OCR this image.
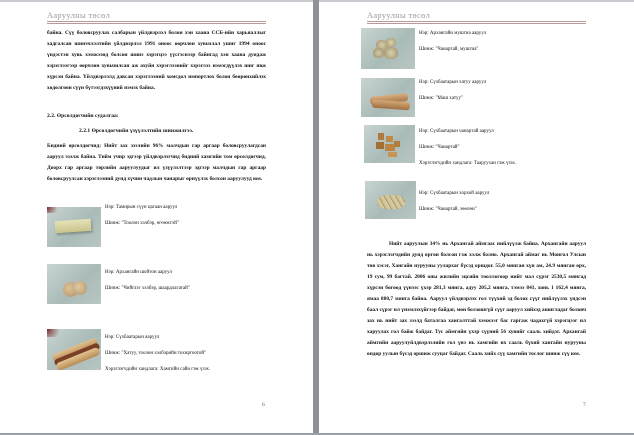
Ааруулны төсөл
байна. Сүү боловсруулах салбарын үйлдвэрлэл болон хэн хаана ССБ-ийн харьяаллыг хадгалсан шинэчлэлтийн үйлдвэрлэл 1991 оноос өөрчлөн хувьчлал ушиг 1994 оноос үндэстэн хувь хэмжээнд болсон шинэ хэрэгцээ үүсгэснээр байнгад хэн хаана дундаж хэрэглээгээр өөрчлөн хувьчилсан аж ахуйн хэрэглээнийг хэрэглээ нэмэгдүүлэх шиг явж хүрсэн байна. Үйлдвэрлэлд давсан хэрэглээний хомсдол импортлох болон бөөрөнхийлэх хөдөлгөөн сүүн бүтээгдэхүүний нэмэх байна.
2.2. Өрсөлдөгчийн судалгаа:
2.2.1 Өрсөлдөгчийн үзүүлэлтийн шинжилгээ.
Бидний өрсөлдөгчид: Нийт зах зээлийн 96% малчдын гар аргаар боловсруулагдсан ааруул эзэлж байна. Тийм учир эдгээр үйлдвэрлэгчид бидний хамгийн том өрсөлдөгчид. Доорх гар аргаар төрлийн ааруулуудыг ил үзүүлэлтээр эдгээр малчдын гар аргаар боловсруулсан хэрэглээний дунд хүчин чадлын чанарыг өрнүүлэх болсон ааруулууд юм.
Нэр: Тамирын сүүн цагаан ааруул
Шинж: "Тоолон хэлбэр, өгөөжтэй"
Нэр: Архангайн шойтон ааруул
Шинж: "Чийглэг хэлбэр, шаардлагатай"
Нэр: Сүхбаатарын ааруул
Шинж: "Хатуу, тоолон хэлбэрийн тохиргоотой"
Хэрэглэгчдийн хандлага: Хамгийн сайн гэж үзэх.
6
Ааруулны төсөл
Нэр: Архангайн мушгиа ааруул
Шинж: "Чанартай, мушгиа"
Нэр: Сүхбаатарын хатуу ааруул
Шинж: "Маш хатуу"
Нэр: Сүхбаатарын чанартай ааруул
Шинж: "Чанартай"
Хэрэглэгчдийн хандлага: Тааруухан гэж үзэх.
Нэр: Сүхбаатарын хорхой ааруул
Шинж: "Чанартай, зөөлөн"
Нийт ааруулын 34% нь Архангай аймгаас нийлүүлж байна. Архангайн ааруул нь хэрэглэгчдийн дунд өргөн болсон гэж хэлж болно. Архангай аймаг нь Монгол Улсын төв хэсэг, Хангайн нурууны уулархаг бүсэд оршдог. 55,0 мянган хүн ам, 24.9 мянган өрх, 19 сум, 99 багтай. 2006 оны жилийн эцсийн тооллогоор нийт мал сүрэг 2530,5 мянгад хүрсэн бөгөөд үүнээс үхэр 281,3 мянга, адуу 205,2 мянга, тэмээ 841, хонь 1 162,4 мянга, ямаа 880,7 мянга байна. Ааруул үйлдвэрлэх гол түүхий эд болох сүүг нийлүүлэх үндсэн баал сүрэг ил үнэмлэхүйгээр байдаг, мөн болзошгүй сүүг ааруул хийхэд ашигладаг боловч зах нь нийт зах зээлд баталгаа хангалттай хэмжээг бас гаргаж чадахгүй хэрэгцээг ил харуулах гол байж байдаг. Тус аймгийн үхэр сүүний 56 хувийг сааль хийдэг. Архангай аймгийн ааруулуйлдвэрлэлийн гол үнэ нь хамгийн их сааль бүхий хангайн нурууны өндөр уулын бүсэд оршиж сууцаг байдаг. Сааль хийх сүү хамгийн тослог шинж сүү юм.
7
